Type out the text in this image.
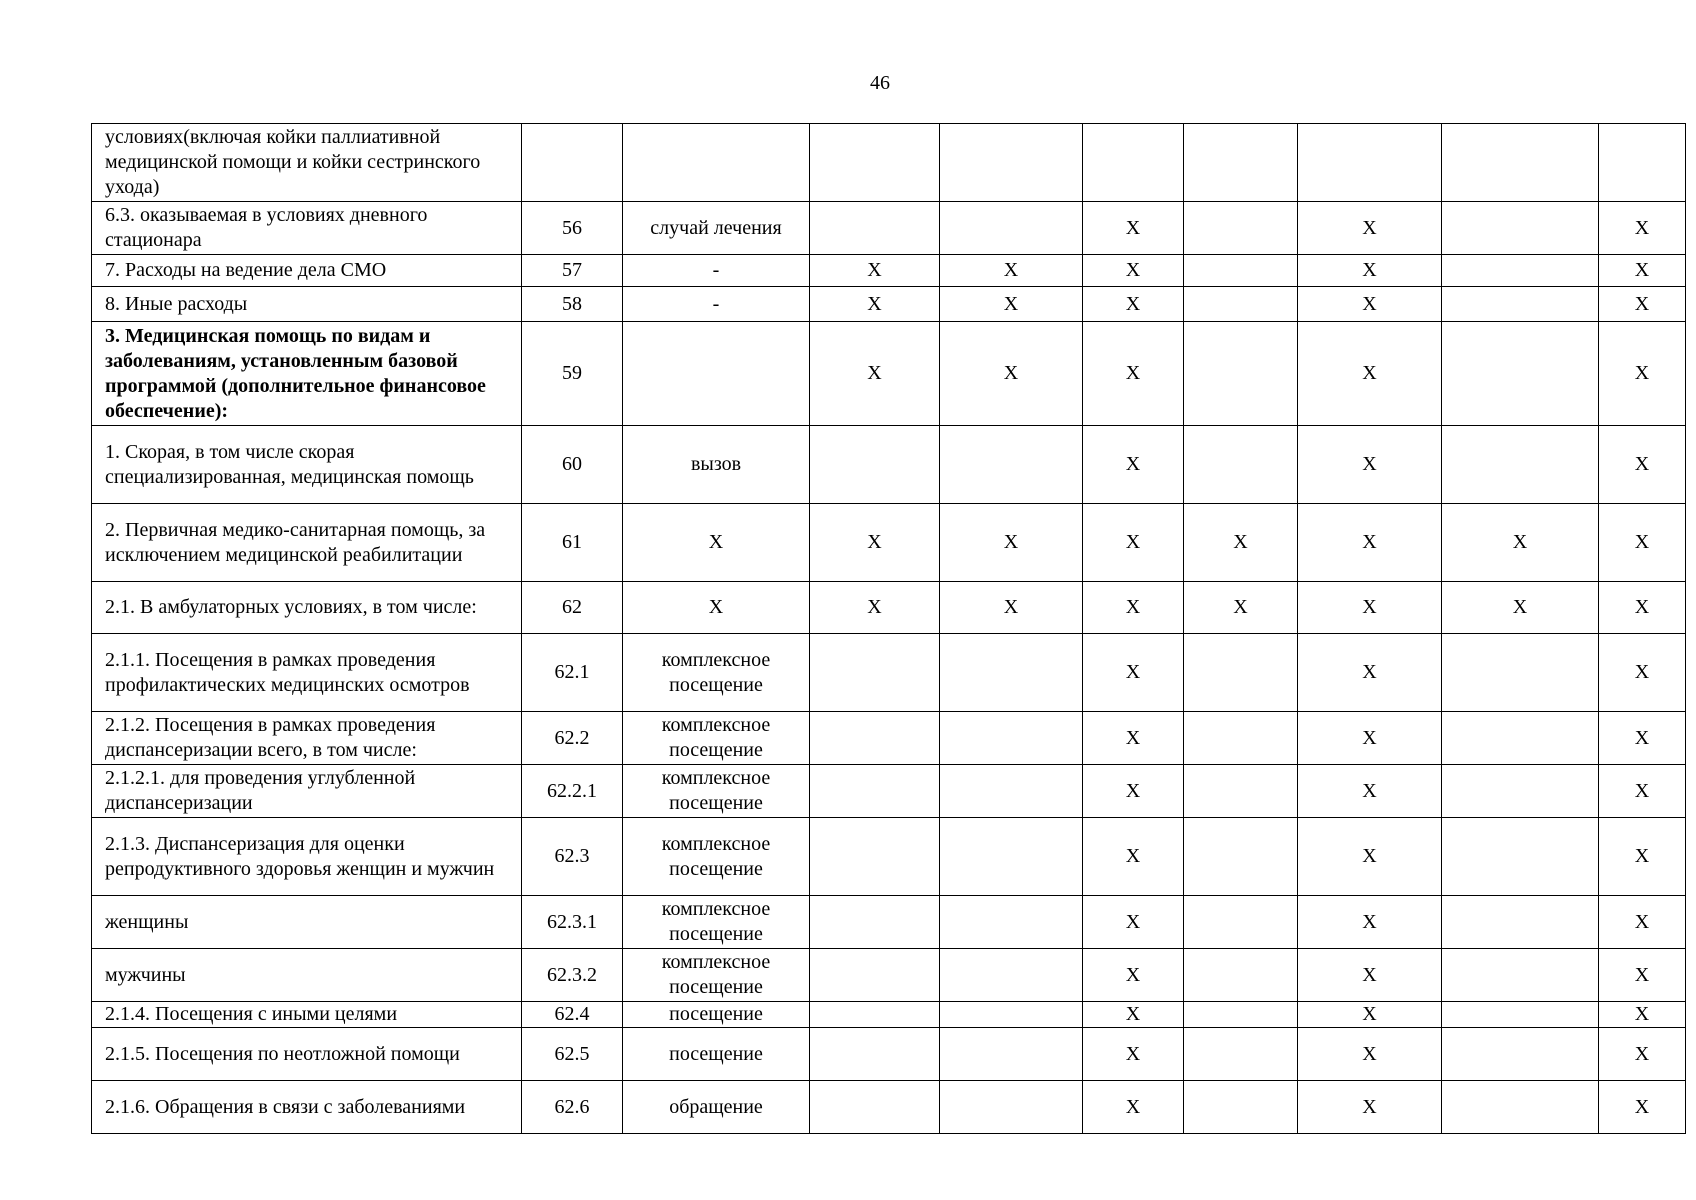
46
условиях(включая койки паллиативной медицинской помощи и койки сестринского ухода)									
6.3. оказываемая в условиях дневного стационара	56	случай лечения			X		X		X
7. Расходы на ведение дела СМО	57	-	X	X	X		X		X
8. Иные расходы	58	-	X	X	X		X		X
3. Медицинская помощь по видам и заболеваниям, установленным базовой программой (дополнительное финансовое обеспечение):	59		X	X	X		X		X
1. Скорая, в том числе скорая специализированная, медицинская помощь	60	вызов			X		X		X
2. Первичная медико-санитарная помощь, за исключением медицинской реабилитации	61	X	X	X	X	X	X	X	X
2.1. В амбулаторных условиях, в том числе:	62	X	X	X	X	X	X	X	X
2.1.1. Посещения в рамках проведения профилактических медицинских осмотров	62.1	комплексное посещение			X		X		X
2.1.2. Посещения в рамках проведения диспансеризации всего, в том числе:	62.2	комплексное посещение			X		X		X
2.1.2.1. для проведения углубленной диспансеризации	62.2.1	комплексное посещение			X		X		X
2.1.3. Диспансеризация для оценки репродуктивного здоровья женщин и мужчин	62.3	комплексное посещение			X		X		X
женщины	62.3.1	комплексное посещение			X		X		X
мужчины	62.3.2	комплексное посещение			X		X		X
2.1.4. Посещения с иными целями	62.4	посещение			X		X		X
2.1.5. Посещения по неотложной помощи	62.5	посещение			X		X		X
2.1.6. Обращения в связи с заболеваниями	62.6	обращение			X		X		X
